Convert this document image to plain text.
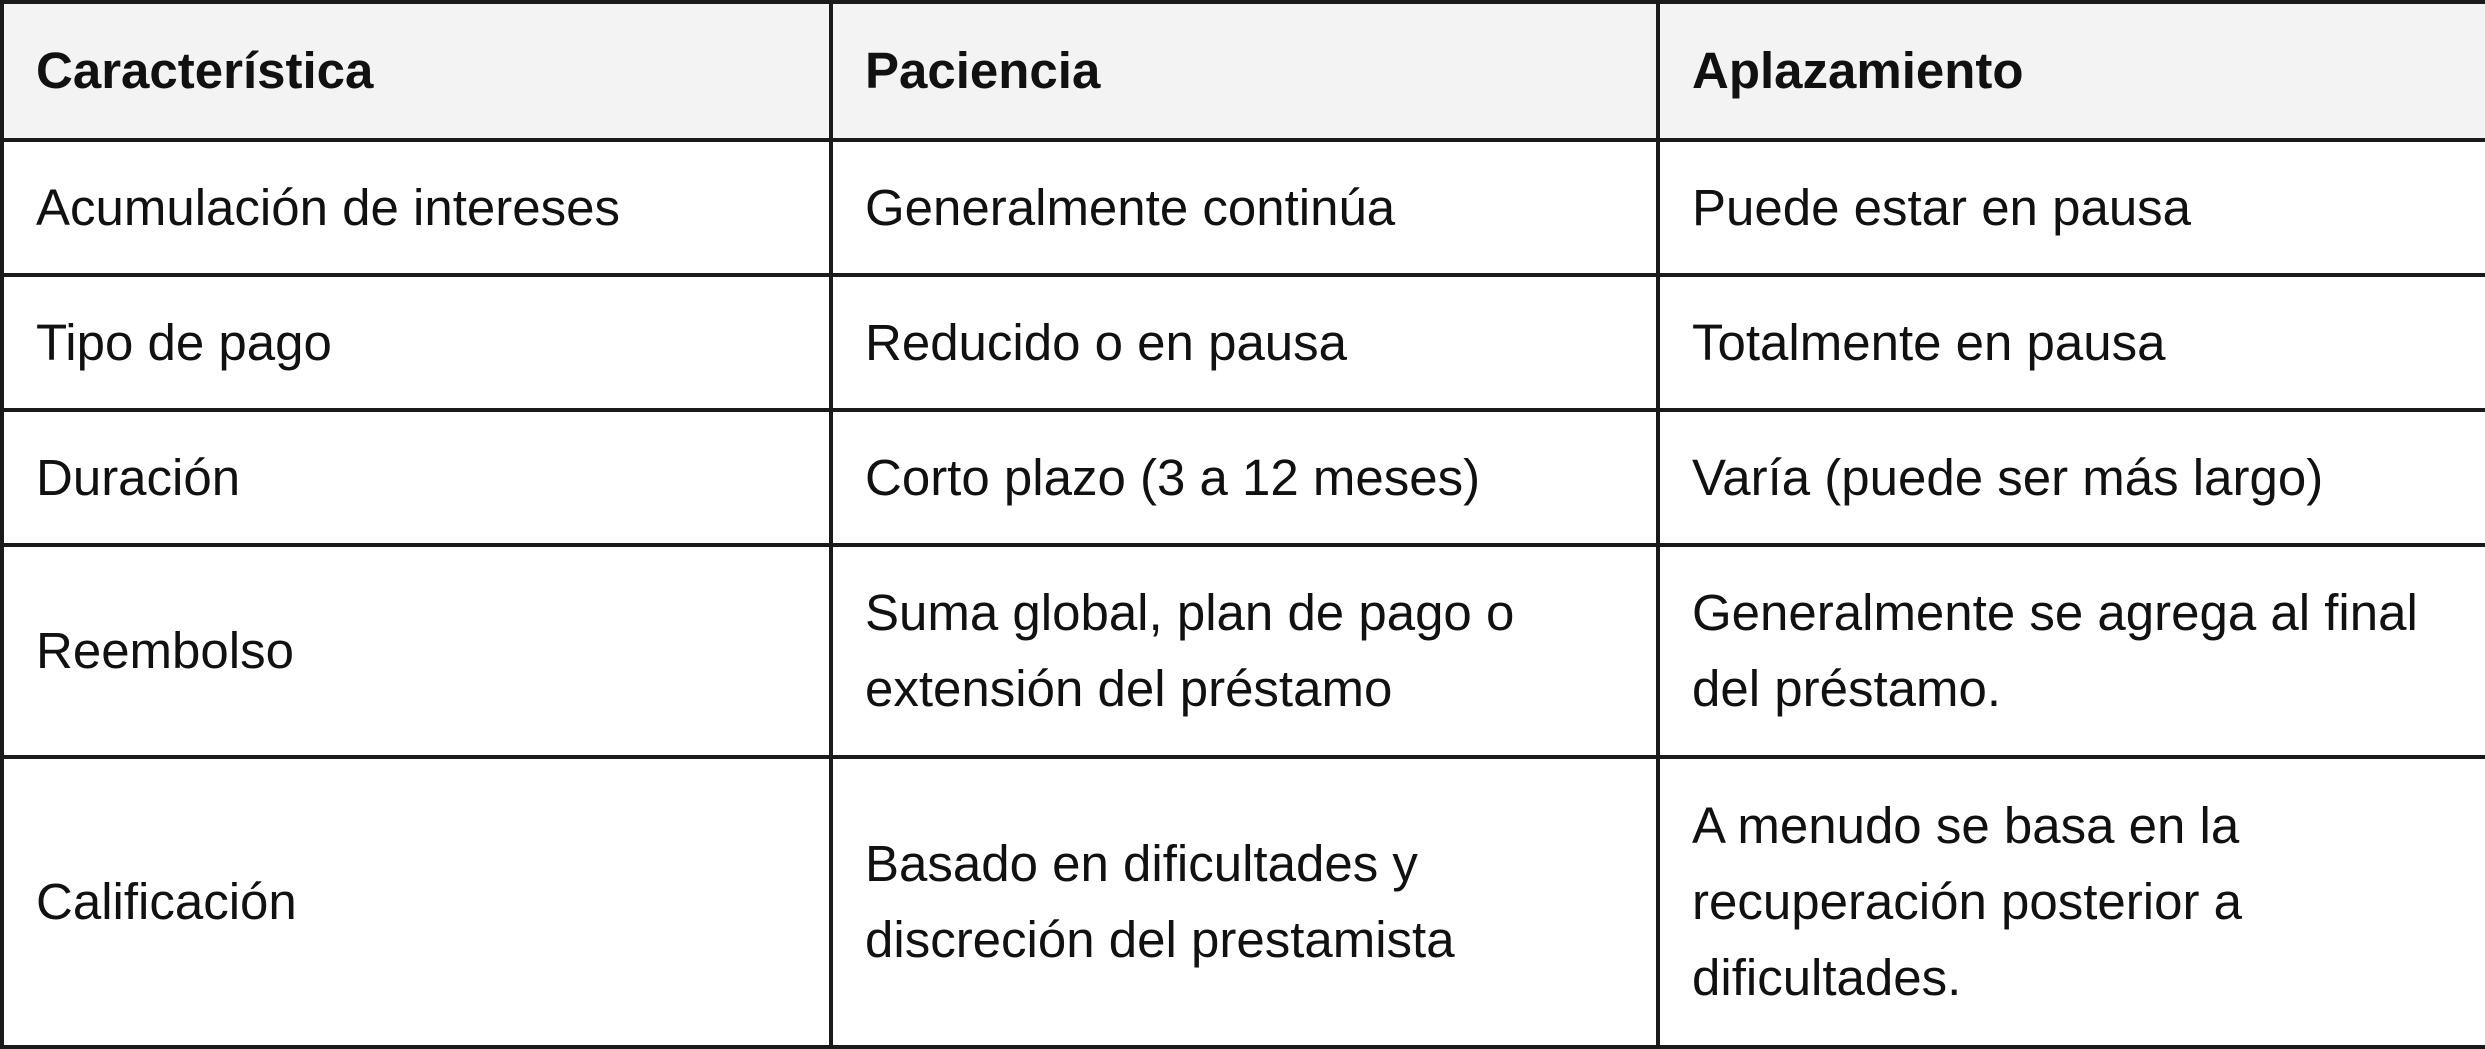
Característica	Paciencia	Aplazamiento
Acumulación de intereses	Generalmente continúa	Puede estar en pausa
Tipo de pago	Reducido o en pausa	Totalmente en pausa
Duración	Corto plazo (3 a 12 meses)	Varía (puede ser más largo)
Reembolso	Suma global, plan de pago o extensión del préstamo	Generalmente se agrega al final del préstamo.
Calificación	Basado en dificultades y discreción del prestamista	A menudo se basa en la recuperación posterior a dificultades.
